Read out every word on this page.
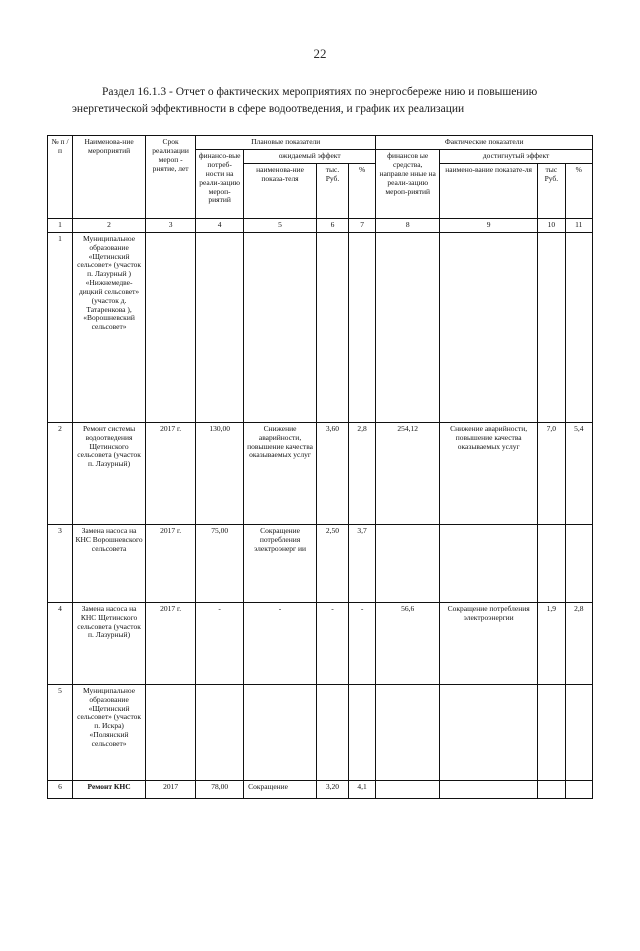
22
Раздел 16.1.3 - Отчет о фактических мероприятиях по энергосбереже нию и повышению энергетической эффективности в сфере водоотведения, и график их реализации
№ п / п	Наименова-ние мероприятий	Срок реализации мероп - рнятие, лет	Плановые показатели				Фактические показатели			
			финансо-вые потреб-ности на реали-зацию мероп-риятий	ожидаемый эффект			финансов ые средства, направле нные на реали-зацию мероп-риятий	достигнутый эффект		
				наименова-ние показа-теля	тыс. Руб.	%		наимено-вание показате-ля	тыс Руб.	%

1	2	3	4	5	6	7	8	9	10	11
1	Муниципальное образование «Щетинский сельсовет» (участок п. Лазурный ) «Нижнемедве-дицкий сельсовет» (участок д. Татаренкова ), «Ворошневский сельсовет»									
2	Ремонт системы водоотведения Щетинского сельсовета (участок п. Лазурный)	2017 г.	130,00	Снижение аварийности, повышение качества оказываемых услуг	3,60	2,8	254,12	Снижение аварийности, повышение качества оказываемых услуг	7,0	5,4
3	Замена насоса на КНС Ворошневского сельсовета	2017 г.	75,00	Сокращение потребления электроэнерг ии	2,50	3,7				
4	Замена насоса на КНС Щетинского сельсовета (участок п. Лазурный)	2017 г.	-	-	-	-	56,6	Сокращение потребления электроэнергии	1,9	2,8
5	Муниципальное образование «Щетинский сельсовет» (участок п. Искра) «Полянский сельсовет»									
6	Ремонт КНС	2017	78,00	Сокращение	3,20	4,1				
